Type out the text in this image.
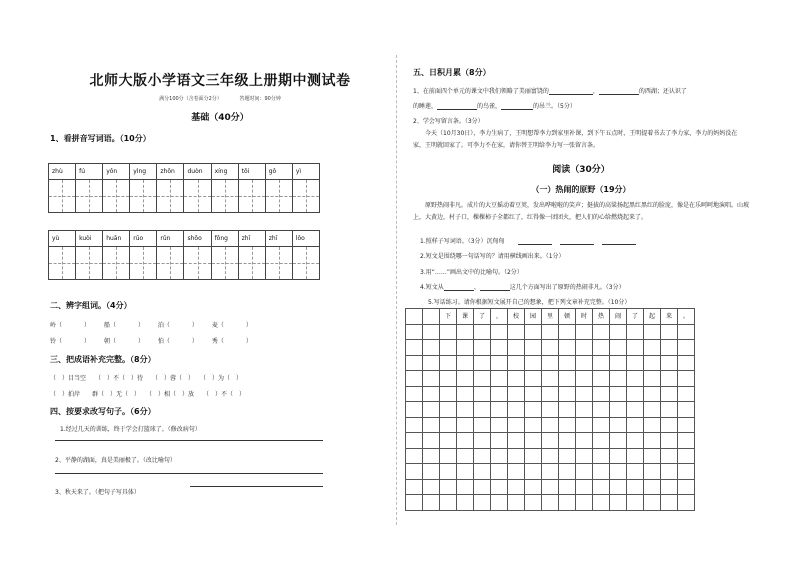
北师大版小学语文三年级上册期中测试卷
满分100分（含卷面分2分）	答题时间：90分钟
基础（40分）
1、看拼音写词语。（10分）
zhù	fú	yǒn	yìng	zhōn	duòn	xíng	tōi	gǒ	yì
yù	kuòi	huān	rūo	rǔn	shōo	fǒng	zhī	zhī	lǒo
二、辨字组词。（4分）
岭（	） 船（	） 泊（	） 麦（	）
铃（	） 朝（	） 怕（	） 秀（	）
三、把成语补充完整。（8分）
（　）目当空　　（　）不（　）待　　（　）蓉（　）　　（　）为（　）
（　）拍岸　　群（　）无（　）　　（　）相（　）放　　（　）不（　）
四、按要求改写句子。（6分）
1.经过几天的训练，终于学会打篮球了。（修改病句）
2、平静的湖面，真是美丽极了。（改比喻句）
3、秋天来了。（把句子写具体）
五、日积月累（8分）
1、在前面四个单元的课文中我们领略了美丽富饶的	，	的西湖；还认识了
的睡莲，	的鸟雀，	的吊兰。（5分）
2、学会写留言条。（3分）
今天（10月30日），李力生病了，王明想帮李力到家里补课，到下午五点时，王明提着书去了李力家，李力的妈妈没在家，王明就回家了。可李力不在家，请你替王明给李力写一张留言条。
阅读（30分）
（一）热闹的原野（19分）
原野热闹非凡。成片的大豆摇动着豆荚，发出哗啦啦的笑声；挺拔的高粱扬起黑红黑红的脸庞，像是在乐呵呵地演唱。山坡上，大黄边，村子口，棵棵柿子全都红了，红得像一团团火，把人们的心给燃烧起来了。
1.照样子写词语。（3分）沉甸甸
2.短文是围绕哪一句话写的？请用横线画出来。（1分）
3.用“……”画出文中的比喻句。（2分）
4.短文从	、	这几个方面写出了原野的热闹非凡。（3分）
5.写话练习。请你根据短文展开自己的想象，把下列文章补充完整。（10分）
下	课	了	，	校	园	里	顿	时	热	闹	了	起	来	。
